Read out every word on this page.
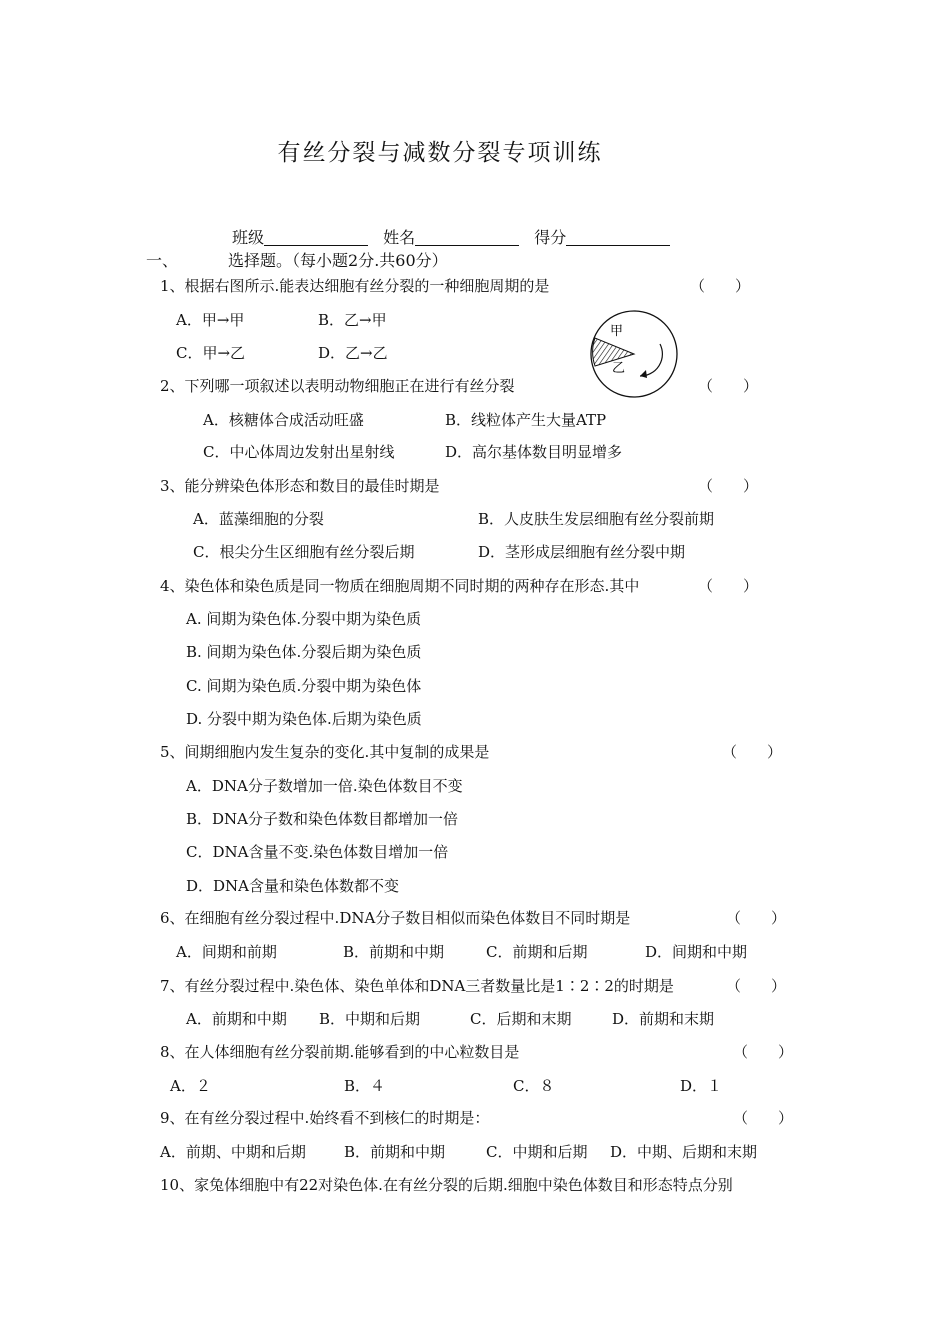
有丝分裂与减数分裂专项训练
班级	姓名	得分
一、	选择题。（每小题2分.共60分）
1、根据右图所示.能表达细胞有丝分裂的一种细胞周期的是	（　　）
A．甲→甲	B．乙→甲
C．甲→乙	D．乙→乙
甲
乙
2、下列哪一项叙述以表明动物细胞正在进行有丝分裂	（　　）
A．核糖体合成活动旺盛	B．线粒体产生大量ATP
C．中心体周边发射出星射线	D．高尔基体数目明显增多
3、能分辨染色体形态和数目的最佳时期是	（　　）
A．蓝藻细胞的分裂	B．人皮肤生发层细胞有丝分裂前期
C．根尖分生区细胞有丝分裂后期	D．茎形成层细胞有丝分裂中期
4、染色体和染色质是同一物质在细胞周期不同时期的两种存在形态.其中	（　　）
A. 间期为染色体.分裂中期为染色质
B. 间期为染色体.分裂后期为染色质
C. 间期为染色质.分裂中期为染色体
D. 分裂中期为染色体.后期为染色质
5、间期细胞内发生复杂的变化.其中复制的成果是	（　　）
A．DNA分子数增加一倍.染色体数目不变
B．DNA分子数和染色体数目都增加一倍
C．DNA含量不变.染色体数目增加一倍
D．DNA含量和染色体数都不变
6、在细胞有丝分裂过程中.DNA分子数目相似而染色体数目不同时期是	（　　）
A．间期和前期	B．前期和中期	C．前期和后期	D．间期和中期
7、有丝分裂过程中.染色体、染色单体和DNA三者数量比是1∶2∶2的时期是	（　　）
A．前期和中期 B．中期和后期	C．后期和末期	D．前期和末期
8、在人体细胞有丝分裂前期.能够看到的中心粒数目是	（　　）
A．２	B．４	C．８	D．１
9、在有丝分裂过程中.始终看不到核仁的时期是：	（　　）
A．前期、中期和后期	B．前期和中期	C．中期和后期 D．中期、后期和末期
10、家兔体细胞中有22对染色体.在有丝分裂的后期.细胞中染色体数目和形态特点分别
